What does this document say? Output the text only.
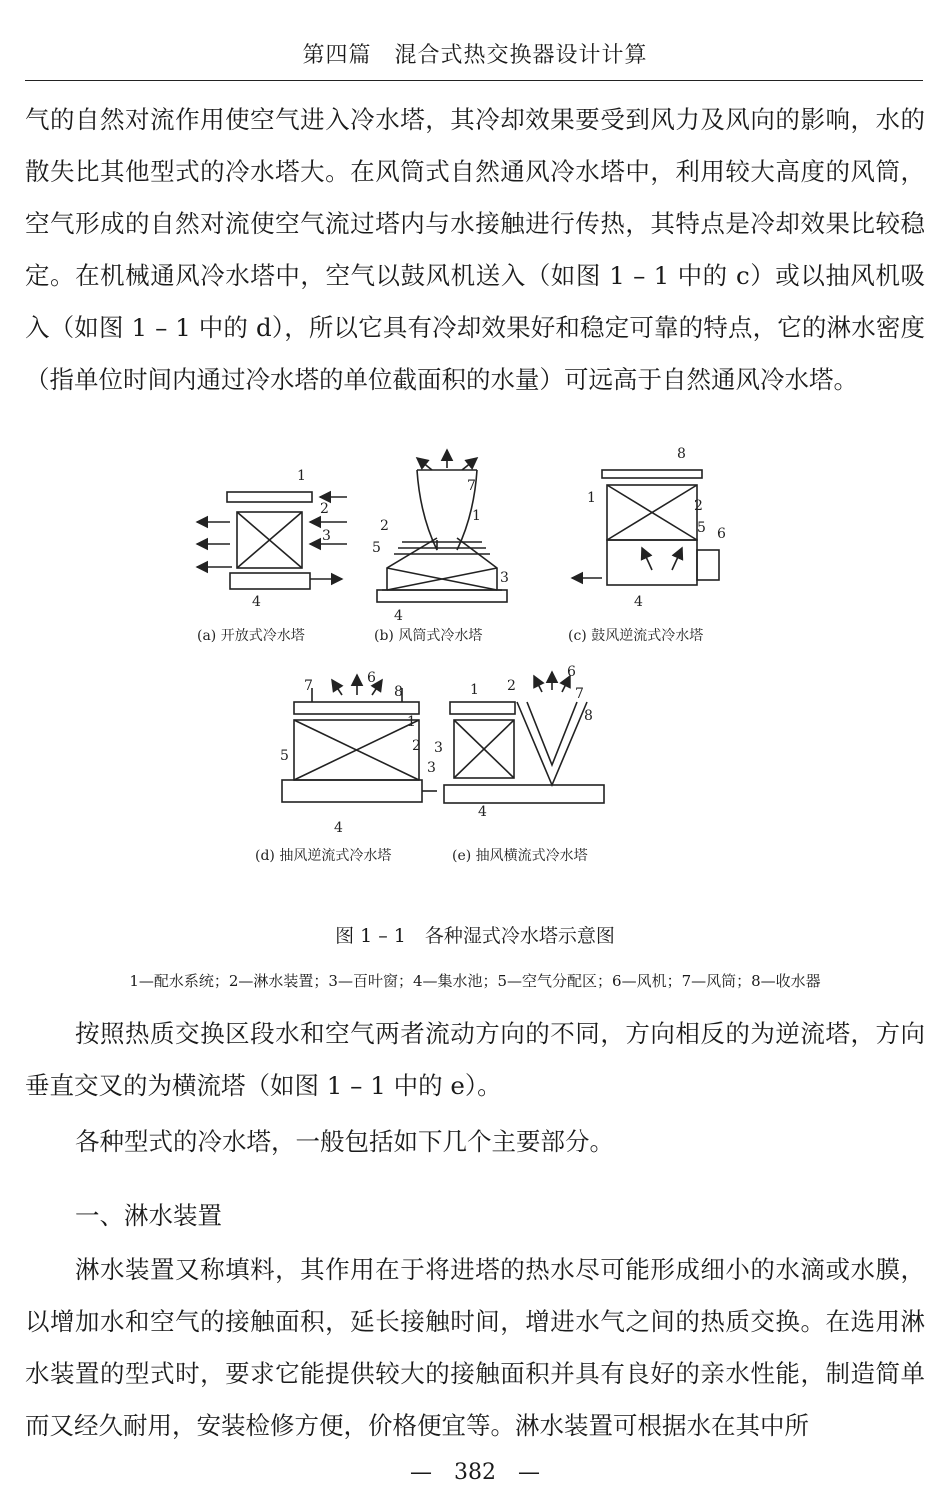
第四篇　混合式热交换器设计计算

气的自然对流作用使空气进入冷水塔，其冷却效果要受到风力及风向的影响，水的散失比其他型式的冷水塔大。在风筒式自然通风冷水塔中，利用较大高度的风筒，空气形成的自然对流使空气流过塔内与水接触进行传热，其特点是冷却效果比较稳定。在机械通风冷水塔中，空气以鼓风机送入（如图 1 – 1 中的 c）或以抽风机吸入（如图 1 – 1 中的 d），所以它具有冷却效果好和稳定可靠的特点，它的淋水密度（指单位时间内通过冷水塔的单位截面积的水量）可远高于自然通风冷水塔。

1
2
3
4
1
2
3
4
5
7
1	2
4
5 6
8
1
2
3
4
5
6
7	8	1 2
3
4
6
7
8
(a) 开放式冷水塔	(b) 风筒式冷水塔	(c) 鼓风逆流式冷水塔
(d) 抽风逆流式冷水塔	(e) 抽风横流式冷水塔
图 1 – 1　各种湿式冷水塔示意图
1—配水系统；2—淋水装置；3—百叶窗；4—集水池；5—空气分配区；6—风机；7—风筒；8—收水器

按照热质交换区段水和空气两者流动方向的不同，方向相反的为逆流塔，方向垂直交叉的为横流塔（如图 1 – 1 中的 e）。

各种型式的冷水塔，一般包括如下几个主要部分。

一、淋水装置

淋水装置又称填料，其作用在于将进塔的热水尽可能形成细小的水滴或水膜，以增加水和空气的接触面积，延长接触时间，增进水气之间的热质交换。在选用淋水装置的型式时，要求它能提供较大的接触面积并具有良好的亲水性能，制造简单而又经久耐用，安装检修方便，价格便宜等。淋水装置可根据水在其中所

—　382　—
